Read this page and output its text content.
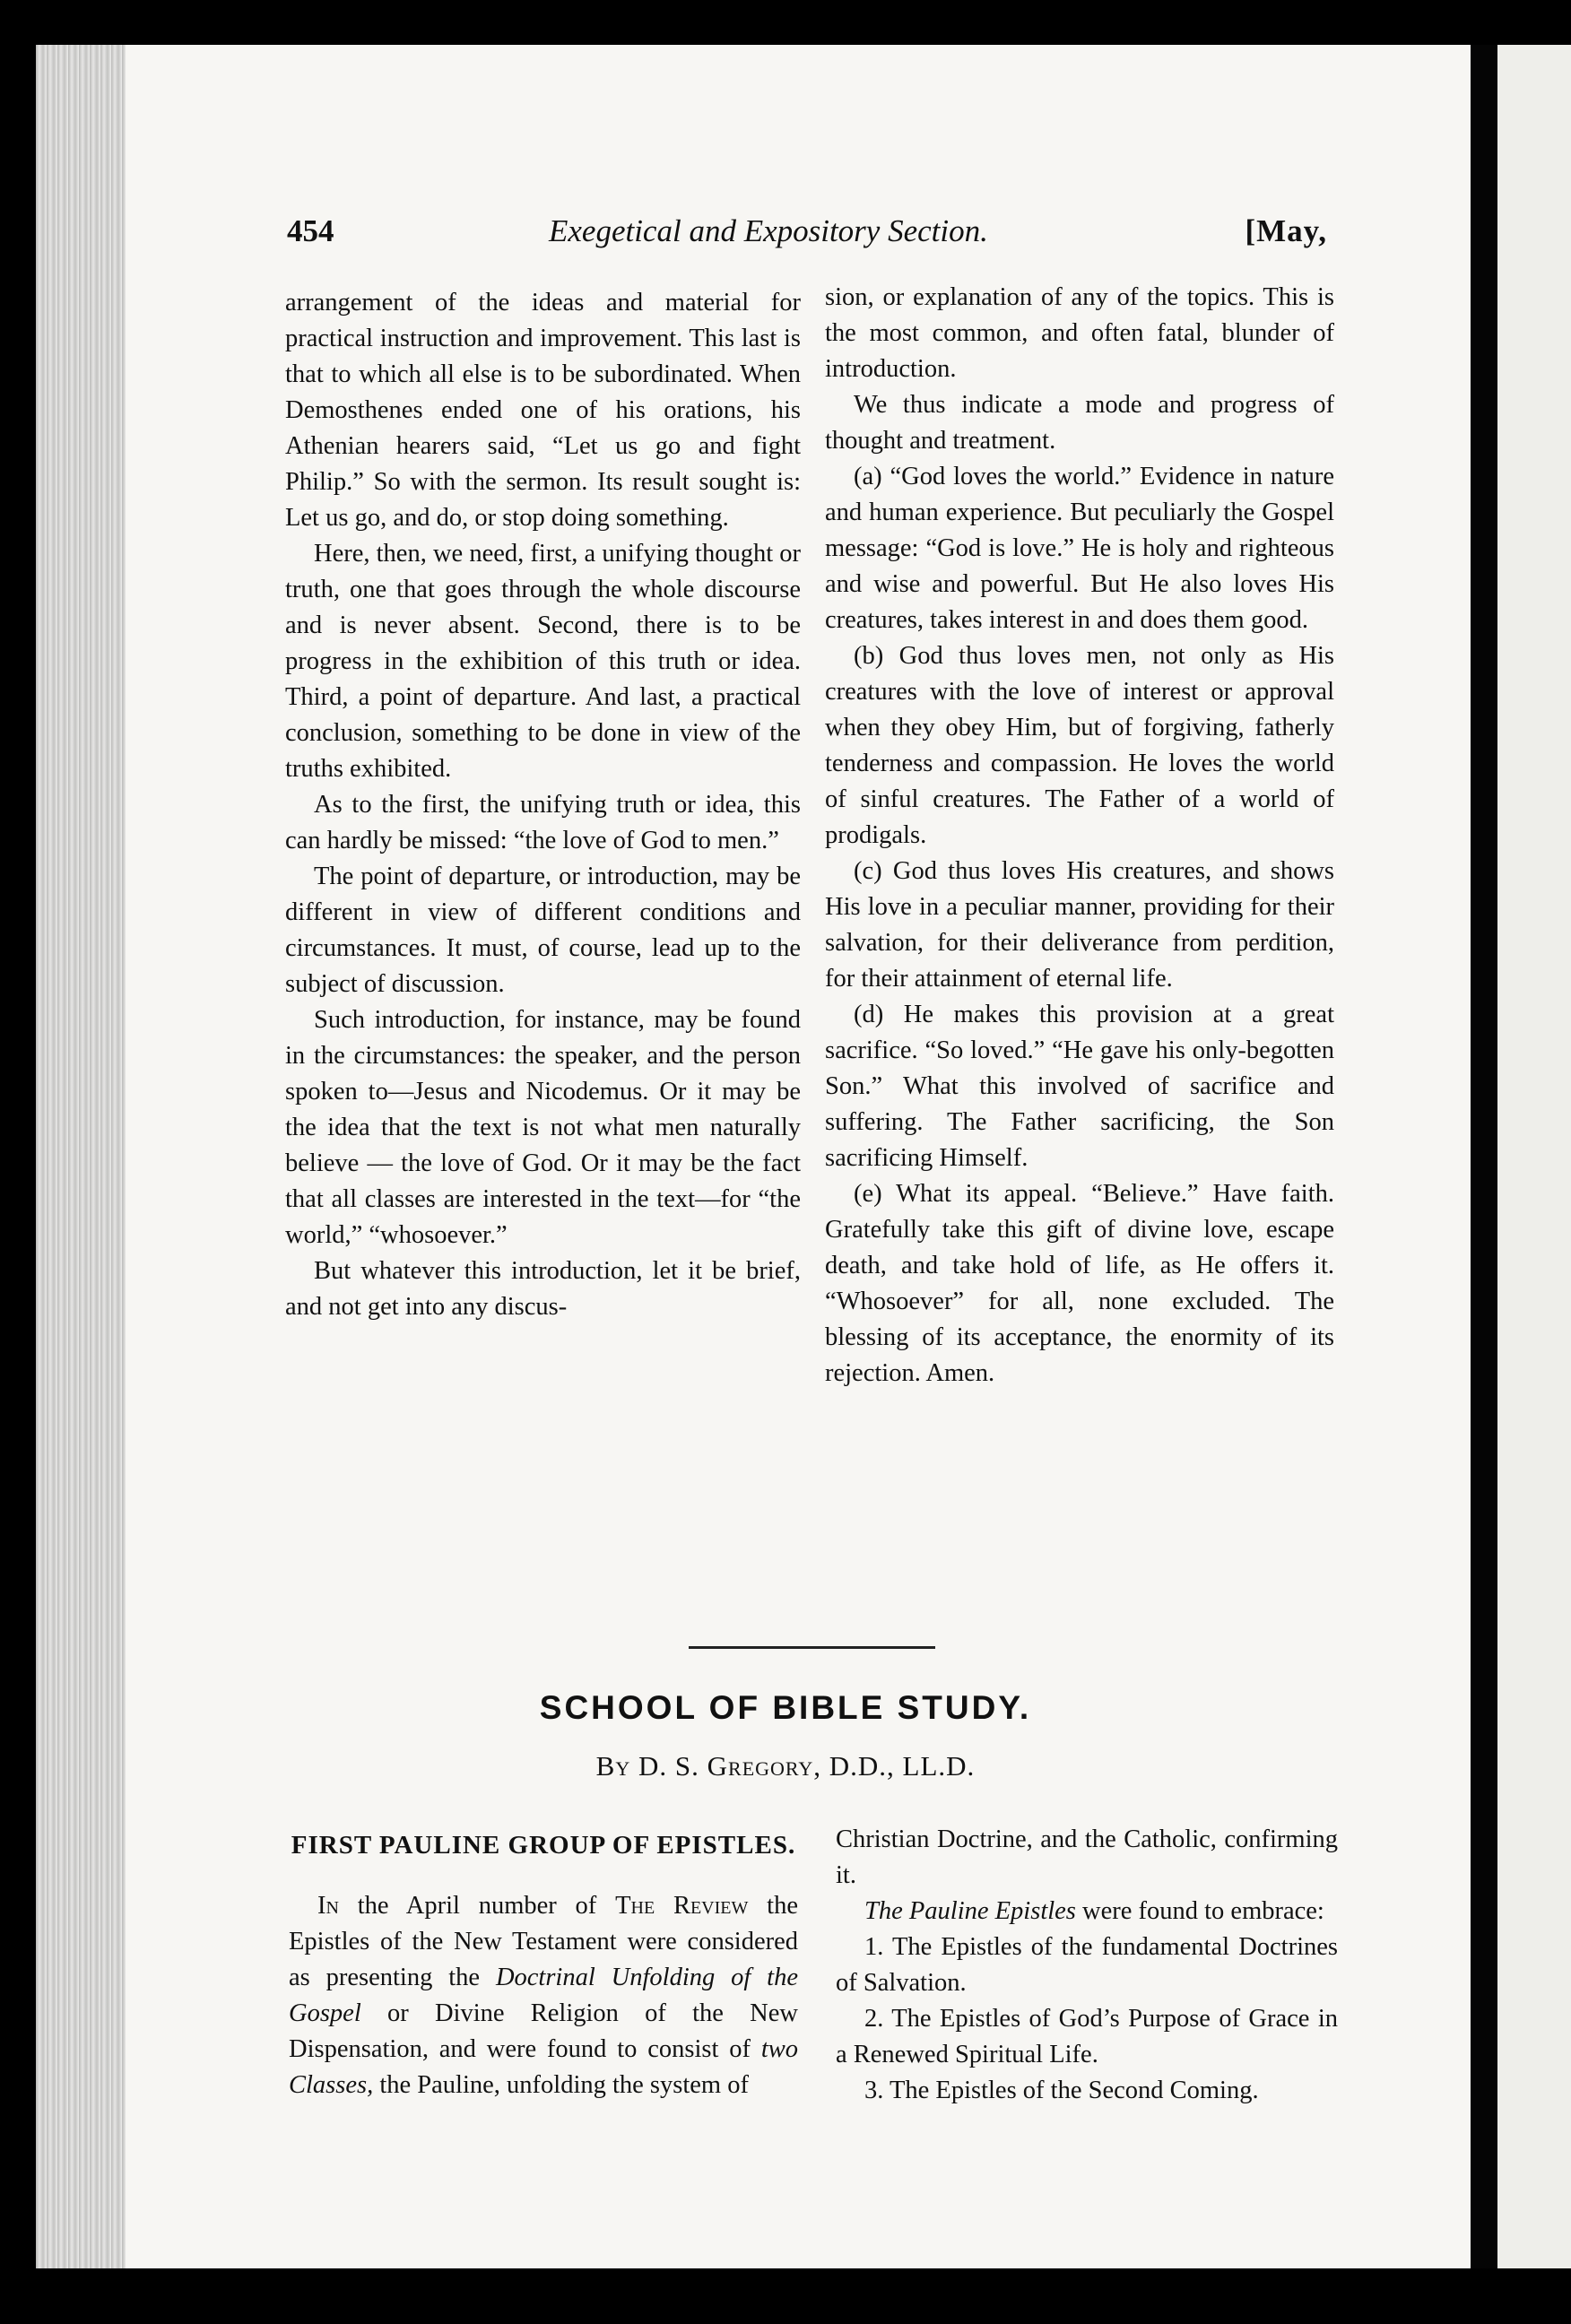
454	Exegetical and Expository Section.	[May,

arrangement of the ideas and material for practical instruction and improvement. This last is that to which all else is to be subordinated. When Demosthenes ended one of his orations, his Athenian hearers said, “Let us go and fight Philip.” So with the sermon. Its result sought is: Let us go, and do, or stop doing something.

Here, then, we need, first, a unifying thought or truth, one that goes through the whole discourse and is never absent. Second, there is to be progress in the exhibition of this truth or idea. Third, a point of departure. And last, a practical conclusion, something to be done in view of the truths exhibited.

As to the first, the unifying truth or idea, this can hardly be missed: “the love of God to men.”

The point of departure, or introduction, may be different in view of different conditions and circumstances. It must, of course, lead up to the subject of discussion.

Such introduction, for instance, may be found in the circumstances: the speaker, and the person spoken to—Jesus and Nicodemus. Or it may be the idea that the text is not what men naturally believe — the love of God. Or it may be the fact that all classes are interested in the text—for “the world,” “whosoever.”

But whatever this introduction, let it be brief, and not get into any discus-

sion, or explanation of any of the topics. This is the most common, and often fatal, blunder of introduction.

We thus indicate a mode and progress of thought and treatment.

(a) “God loves the world.” Evidence in nature and human experience. But peculiarly the Gospel message: “God is love.” He is holy and righteous and wise and powerful. But He also loves His creatures, takes interest in and does them good.

(b) God thus loves men, not only as His creatures with the love of interest or approval when they obey Him, but of forgiving, fatherly tenderness and compassion. He loves the world of sinful creatures. The Father of a world of prodigals.

(c) God thus loves His creatures, and shows His love in a peculiar manner, providing for their salvation, for their deliverance from perdition, for their attainment of eternal life.

(d) He makes this provision at a great sacrifice. “So loved.” “He gave his only-begotten Son.” What this involved of sacrifice and suffering. The Father sacrificing, the Son sacrificing Himself.

(e) What its appeal. “Believe.” Have faith. Gratefully take this gift of divine love, escape death, and take hold of life, as He offers it. “Whosoever” for all, none excluded. The blessing of its acceptance, the enormity of its rejection. Amen.

SCHOOL OF BIBLE STUDY.
By D. S. Gregory, D.D., LL.D.

FIRST PAULINE GROUP OF EPISTLES.

In the April number of The Review the Epistles of the New Testament were considered as presenting the Doctrinal Unfolding of the Gospel or Divine Religion of the New Dispensation, and were found to consist of two Classes, the Pauline, unfolding the system of

Christian Doctrine, and the Catholic, confirming it.

The Pauline Epistles were found to embrace:

1. The Epistles of the fundamental Doctrines of Salvation.

2. The Epistles of God’s Purpose of Grace in a Renewed Spiritual Life.

3. The Epistles of the Second Coming.
